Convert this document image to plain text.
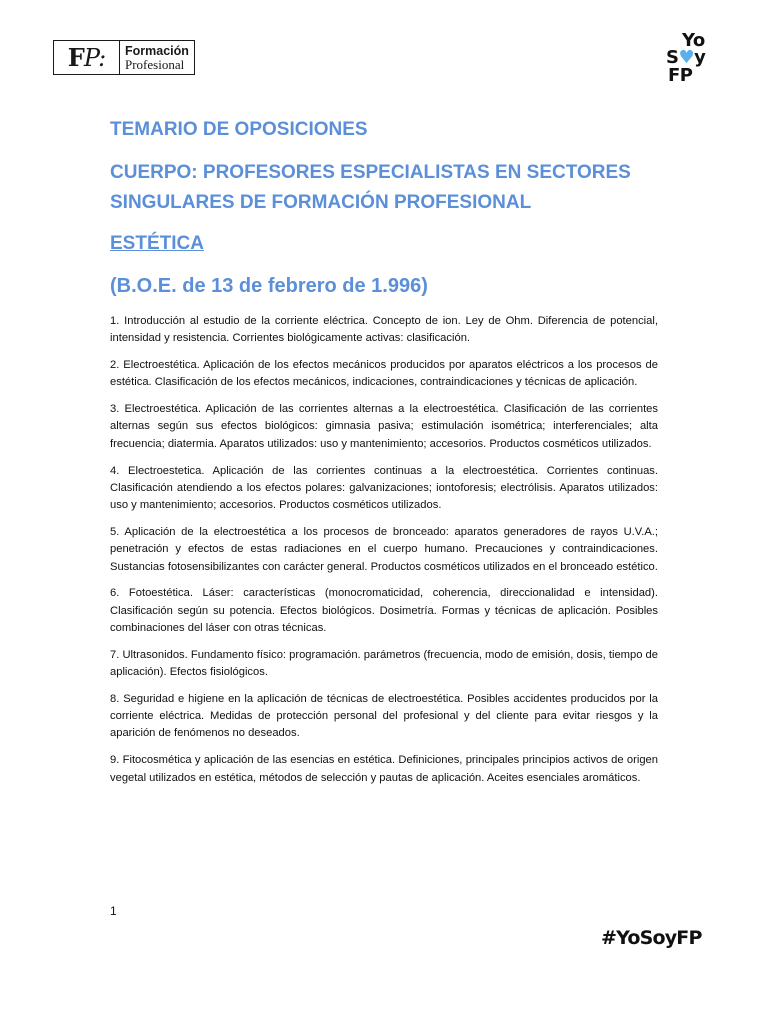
F P: Formación
Profesional
Yo
S♥y
FP
TEMARIO DE OPOSICIONES
CUERPO: PROFESORES ESPECIALISTAS EN SECTORES SINGULARES DE FORMACIÓN PROFESIONAL
ESTÉTICA
(B.O.E. de 13 de febrero de 1.996)
1. Introducción al estudio de la corriente eléctrica. Concepto de ion. Ley de Ohm. Diferencia de potencial, intensidad y resistencia. Corrientes biológicamente activas: clasificación.
2. Electroestética. Aplicación de los efectos mecánicos producidos por aparatos eléctricos a los procesos de estética. Clasificación de los efectos mecánicos, indicaciones, contraindicaciones y técnicas de aplicación.
3. Electroestética. Aplicación de las corrientes alternas a la electroestética. Clasificación de las corrientes alternas según sus efectos biológicos: gimnasia pasiva; estimulación isométrica; interferenciales; alta frecuencia; diatermia. Aparatos utilizados: uso y mantenimiento; accesorios. Productos cosméticos utilizados.
4. Electroestetica. Aplicación de las corrientes continuas a la electroestética. Corrientes continuas. Clasificación atendiendo a los efectos polares: galvanizaciones; iontoforesis; electrólisis. Aparatos utilizados: uso y mantenimiento; accesorios. Productos cosméticos utilizados.
5. Aplicación de la electroestética a los procesos de bronceado: aparatos generadores de rayos U.V.A.; penetración y efectos de estas radiaciones en el cuerpo humano. Precauciones y contraindicaciones. Sustancias fotosensibilizantes con carácter general. Productos cosméticos utilizados en el bronceado estético.
6. Fotoestética. Láser: características (monocromaticidad, coherencia, direccionalidad e intensidad). Clasificación según su potencia. Efectos biológicos. Dosimetría. Formas y técnicas de aplicación. Posibles combinaciones del láser con otras técnicas.
7. Ultrasonidos. Fundamento físico: programación. parámetros (frecuencia, modo de emisión, dosis, tiempo de aplicación). Efectos fisiológicos.
8. Seguridad e higiene en la aplicación de técnicas de electroestética. Posibles accidentes producidos por la corriente eléctrica. Medidas de protección personal del profesional y del cliente para evitar riesgos y la aparición de fenómenos no deseados.
9. Fitocosmética y aplicación de las esencias en estética. Definiciones, principales principios activos de origen vegetal utilizados en estética, métodos de selección y pautas de aplicación. Aceites esenciales aromáticos.
1
#YoSoyFP
